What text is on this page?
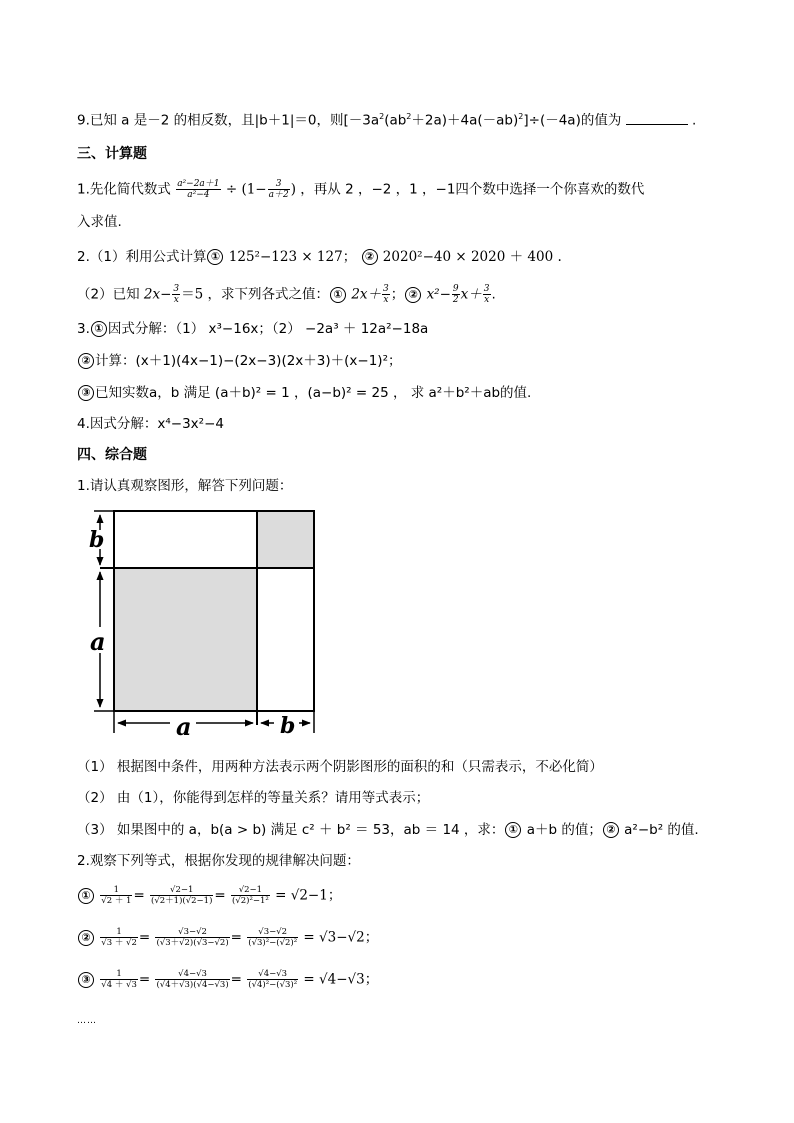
9.已知 a 是－2 的相反数，且|b＋1|＝0，则$[-3a^2(ab^2+2a)+4a(-ab)^2]\div(-4a)$的值为	.
三、计算题
1.先化简代数式 $\frac{\text{a²−2a＋1}}{\text{a²−4}} \div (1- \frac{3}{a+2}$ ) ，再从 2 ，−2 ，1 ，−1四个数中选择一个你喜欢的数代
入求值.
2.（1）利用公式计算 ① 125²−123 × 127； ② 2020²−40 × 2020 ＋ 400 .
（2）已知 $2x- \frac{3}{x} =5$ ，求下列各式之值： ① $2x+ \frac{3}{x}$ ； ② $x^2- \frac{9}{2} x+ \frac{3}{x}$ .
3. ① 因式分解：（1） x³−16x；（2） −2a³ ＋ 12a²−18a
② 计算：(x＋1)(4x−1)−(2x−3)(2x＋3)＋(x−1)²；
③ 已知实数a，b 满足 (a＋b)² = 1 ，(a−b)² = 25 ， 求 a²＋b²＋ab的值.
4.因式分解：x⁴−3x²−4
四、综合题
1.请认真观察图形，解答下列问题：
b
a
a	b
（1） 根据图中条件，用两种方法表示两个阴影图形的面积的和（只需表示，不必化简）
（2） 由（1），你能得到怎样的等量关系？请用等式表示；
（3） 如果图中的 a，b(a > b) 满足 c² ＋ b² ＝ 53，ab ＝ 14 ，求： ① a＋b 的值； ② a²−b² 的值.
2.观察下列等式，根据你发现的规律解决问题：
① $\frac{1}{√2 + 1} = \frac{√2-1}{(√2+1)(√2-1)} = \frac{√2-1}{\text{(√2)²−1²}} = √2-1$；
② $\frac{1}{√3 + √2} = \frac{√3-√2}{(√3+√2)(√3-√2)} = \frac{√3-√2}{\text{(√3)²−(√2)²}} = √3-√2$；
③ $\frac{1}{√4 + √3} = \frac{√4-√3}{(√4+√3)(√4-√3)} = \frac{√4-√3}{\text{(√4)²−(√3)²}} = √4-√3$；
……
